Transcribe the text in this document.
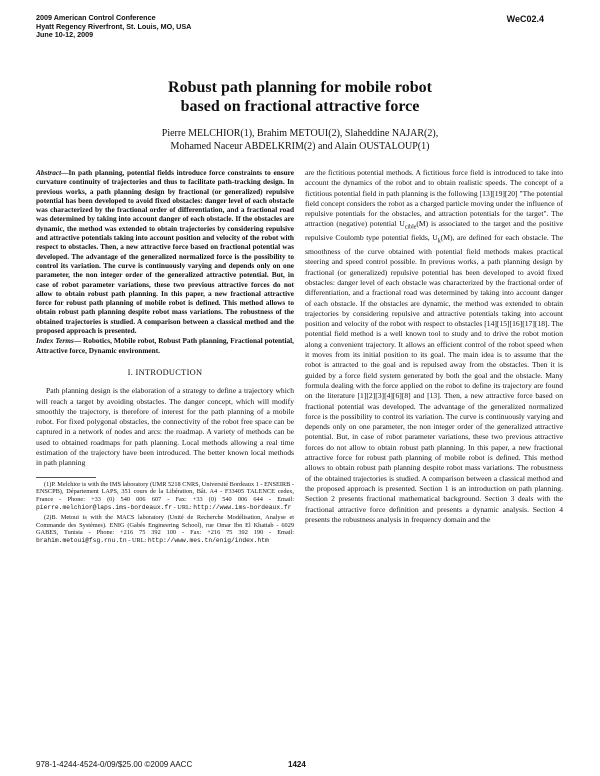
2009 American Control Conference
Hyatt Regency Riverfront, St. Louis, MO, USA
June 10-12, 2009
WeC02.4
Robust path planning for mobile robot
based on fractional attractive force
Pierre MELCHIOR(1), Brahim METOUI(2), Slaheddine NAJAR(2),
Mohamed Naceur ABDELKRIM(2) and Alain OUSTALOUP(1)
Abstract—In path planning, potential fields introduce force constraints to ensure curvature continuity of trajectories and thus to facilitate path-tracking design. In previous works, a path planning design by fractional (or generalized) repulsive potential has been developed to avoid fixed obstacles: danger level of each obstacle was characterized by the fractional order of differentiation, and a fractional road was determined by taking into account danger of each obstacle. If the obstacles are dynamic, the method was extended to obtain trajectories by considering repulsive and attractive potentials taking into account position and velocity of the robot with respect to obstacles. Then, a new attractive force based on fractional potential was developed. The advantage of the generalized normalized force is the possibility to control its variation. The curve is continuously varying and depends only on one parameter, the non integer order of the generalized attractive potential. But, in case of robot parameter variations, these two previous attractive forces do not allow to obtain robust path planning. In this paper, a new fractional attractive force for robust path planning of mobile robot is defined. This method allows to obtain robust path planning despite robot mass variations. The robustness of the obtained trajectories is studied. A comparison between a classical method and the proposed approach is presented.
Index Terms— Robotics, Mobile robot, Robust Path planning, Fractional potential, Attractive force, Dynamic environment.
I. INTRODUCTION

Path planning design is the elaboration of a strategy to define a trajectory which will reach a target by avoiding obstacles. The danger concept, which will modify smoothly the trajectory, is therefore of interest for the path planning of a mobile robot. For fixed polygonal obstacles, the connectivity of the robot free space can be captured in a network of nodes and arcs: the roadmap. A variety of methods can be used to obtained roadmaps for path planning. Local methods allowing a real time estimation of the trajectory have been introduced. The better known local methods in path planning

(1)P. Melchior is with the IMS laboratory (UMR 5218 CNRS, Université Bordeaux 1 - ENSEIRB - ENSCPB), Département LAPS, 351 cours de la Libération, Bât. A4 - F33405 TALENCE cedex, France - Phone: +33 (0) 540 006 607 - Fax: +33 (0) 540 006 644 - Email: pierre.melchior@laps.ims-bordeaux.fr - URL: http://www.ims-bordeaux.fr

(2)B. Metoui is with the MACS laboratory (Unité de Recherche Modélisation, Analyse et Commande des Systèmes). ENIG (Gabès Engineering School), rue Omar Ibn El Khattab - 6029 GABES, Tunisia - Phone: +216 75 392 100 - Fax: +216 75 392 190 - Email: brahim.metoui@fsg.rnu.tn - URL: http://www.mes.tn/enig/index.htm

are the fictitious potential methods. A fictitious force field is introduced to take into account the dynamics of the robot and to obtain realistic speeds. The concept of a fictitious potential field in path planning is the following [13][19][20] "The potential field concept considers the robot as a charged particle moving under the influence of repulsive potentials for the obstacles, and attraction potentials for the target". The attraction (negative) potential $U_{cible}(M)$ is associated to the target and the positive repulsive Coulomb type potential fields, $U_k(M)$, are defined for each obstacle. The smoothness of the curve obtained with potential field methods makes practical steering and speed control possible. In previous works, a path planning design by fractional (or generalized) repulsive potential has been developed to avoid fixed obstacles: danger level of each obstacle was characterized by the fractional order of differentiation, and a fractional road was determined by taking into account danger of each obstacle. If the obstacles are dynamic, the method was extended to obtain trajectories by considering repulsive and attractive potentials taking into account position and velocity of the robot with respect to obstacles [14][15][16][17][18]. The potential field method is a well known tool to study and to drive the robot motion along a convenient trajectory. It allows an efficient control of the robot speed when it moves from its initial position to its goal. The main idea is to assume that the robot is attracted to the goal and is repulsed away from the obstacles. Then it is guided by a force field system generated by both the goal and the obstacle. Many formula dealing with the force applied on the robot to define its trajectory are found on the literature [1][2][3][4][6][8] and [13]. Then, a new attractive force based on fractional potential was developed. The advantage of the generalized normalized force is the possibility to control its variation. The curve is continuously varying and depends only on one parameter, the non integer order of the generalized attractive potential. But, in case of robot parameter variations, these two previous attractive forces do not allow to obtain robust path planning. In this paper, a new fractional attractive force for robust path planning of mobile robot is defined. This method allows to obtain robust path planning despite robot mass variations. The robustness of the obtained trajectories is studied. A comparison between a classical method and the proposed approach is presented. Section 1 is an introduction on path planning. Section 2 presents fractional mathematical background. Section 3 deals with the fractional attractive force definition and presents a dynamic analysis. Section 4 presents the robustness analysis in frequency domain and the

978-1-4244-4524-0/09/$25.00 ©2009 AACC	1424
